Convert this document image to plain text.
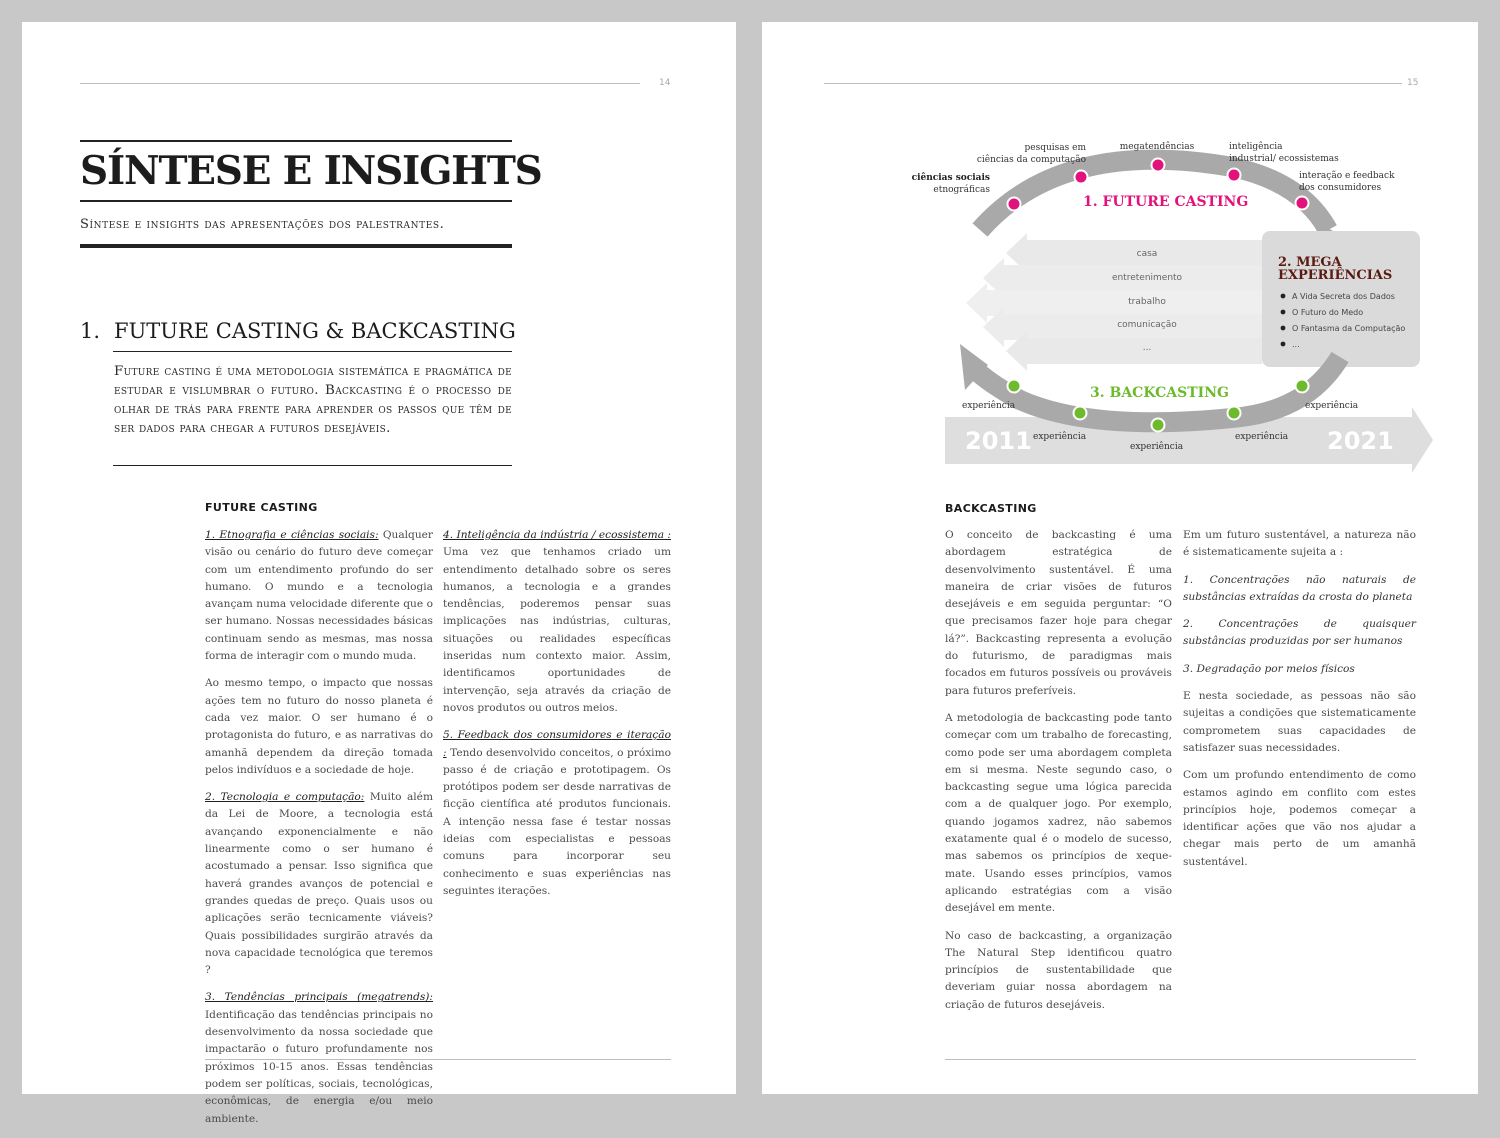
14
SÍNTESE E INSIGHTS
Síntese e insights das apresentações dos palestrantes.
1. FUTURE CASTING & BACKCASTING
Future casting é uma metodologia sistemática e pragmática de estudar e vislumbrar o futuro. Backcasting é o processo de olhar de trás para frente para aprender os passos que têm de ser dados para chegar a futuros desejáveis.
FUTURE CASTING

1. Etnografia e ciências sociais: Qualquer visão ou cenário do futuro deve começar com um entendimento profundo do ser humano. O mundo e a tecnologia avançam numa velocidade diferente que o ser humano. Nossas necessidades básicas continuam sendo as mesmas, mas nossa forma de interagir com o mundo muda.

Ao mesmo tempo, o impacto que nossas ações tem no futuro do nosso planeta é cada vez maior. O ser humano é o protagonista do futuro, e as narrativas do amanhã dependem da direção tomada pelos indivíduos e a sociedade de hoje.

2. Tecnologia e computação: Muito além da Lei de Moore, a tecnologia está avançando exponencialmente e não linearmente como o ser humano é acostumado a pensar. Isso significa que haverá grandes avanços de potencial e grandes quedas de preço. Quais usos ou aplicações serão tecnicamente viáveis? Quais possibilidades surgirão através da nova capacidade tecnológica que teremos ?

3. Tendências principais (megatrends): Identificação das tendências principais no desenvolvimento da nossa sociedade que impactarão o futuro profundamente nos próximos 10-15 anos. Essas tendências podem ser políticas, sociais, tecnológicas, econômicas, de energia e/ou meio ambiente.

4. Inteligência da indústria / ecossistema : Uma vez que tenhamos criado um entendimento detalhado sobre os seres humanos, a tecnologia e a grandes tendências, poderemos pensar suas implicações nas indústrias, culturas, situações ou realidades específicas inseridas num contexto maior. Assim, identificamos oportunidades de intervenção, seja através da criação de novos produtos ou outros meios.

5. Feedback dos consumidores e iteração : Tendo desenvolvido conceitos, o próximo passo é de criação e prototipagem. Os protótipos podem ser desde narrativas de ficção científica até produtos funcionais. A intenção nessa fase é testar nossas ideias com especialistas e pessoas comuns para incorporar seu conhecimento e suas experiências nas seguintes iterações.

15
2011	2021
casa
entretenimento
trabalho
comunicação
...
2. MEGA
EXPERIÊNCIAS
A Vida Secreta dos Dados
O Futuro do Medo
O Fantasma da Computação
...
1. FUTURE CASTING
3. BACKCASTING
ciências sociais
etnográficas
pesquisas em
ciências da computação
megatendências	inteligência
industrial/ ecossistemas
interação e feedback
dos consumidores
experiência
experiência
experiência
experiência
experiência
BACKCASTING

O conceito de backcasting é uma abordagem estratégica de desenvolvimento sustentável. É uma maneira de criar visões de futuros desejáveis e em seguida perguntar: “O que precisamos fazer hoje para chegar lá?”. Backcasting representa a evolução do futurismo, de paradigmas mais focados em futuros possíveis ou prováveis para futuros preferíveis.

A metodologia de backcasting pode tanto começar com um trabalho de forecasting, como pode ser uma abordagem completa em si mesma. Neste segundo caso, o backcasting segue uma lógica parecida com a de qualquer jogo. Por exemplo, quando jogamos xadrez, não sabemos exatamente qual é o modelo de sucesso, mas sabemos os princípios de xeque-mate. Usando esses princípios, vamos aplicando estratégias com a visão desejável em mente.

No caso de backcasting, a organização The Natural Step identificou quatro princípios de sustentabilidade que deveriam guiar nossa abordagem na criação de futuros desejáveis.

Em um futuro sustentável, a natureza não é sistematicamente sujeita a :

1. Concentrações não naturais de substâncias extraídas da crosta do planeta

2. Concentrações de quaisquer substâncias produzidas por ser humanos

3. Degradação por meios físicos

E nesta sociedade, as pessoas não são sujeitas a condições que sistematicamente comprometem suas capacidades de satisfazer suas necessidades.

Com um profundo entendimento de como estamos agindo em conflito com estes princípios hoje, podemos começar a identificar ações que vão nos ajudar a chegar mais perto de um amanhã sustentável.
